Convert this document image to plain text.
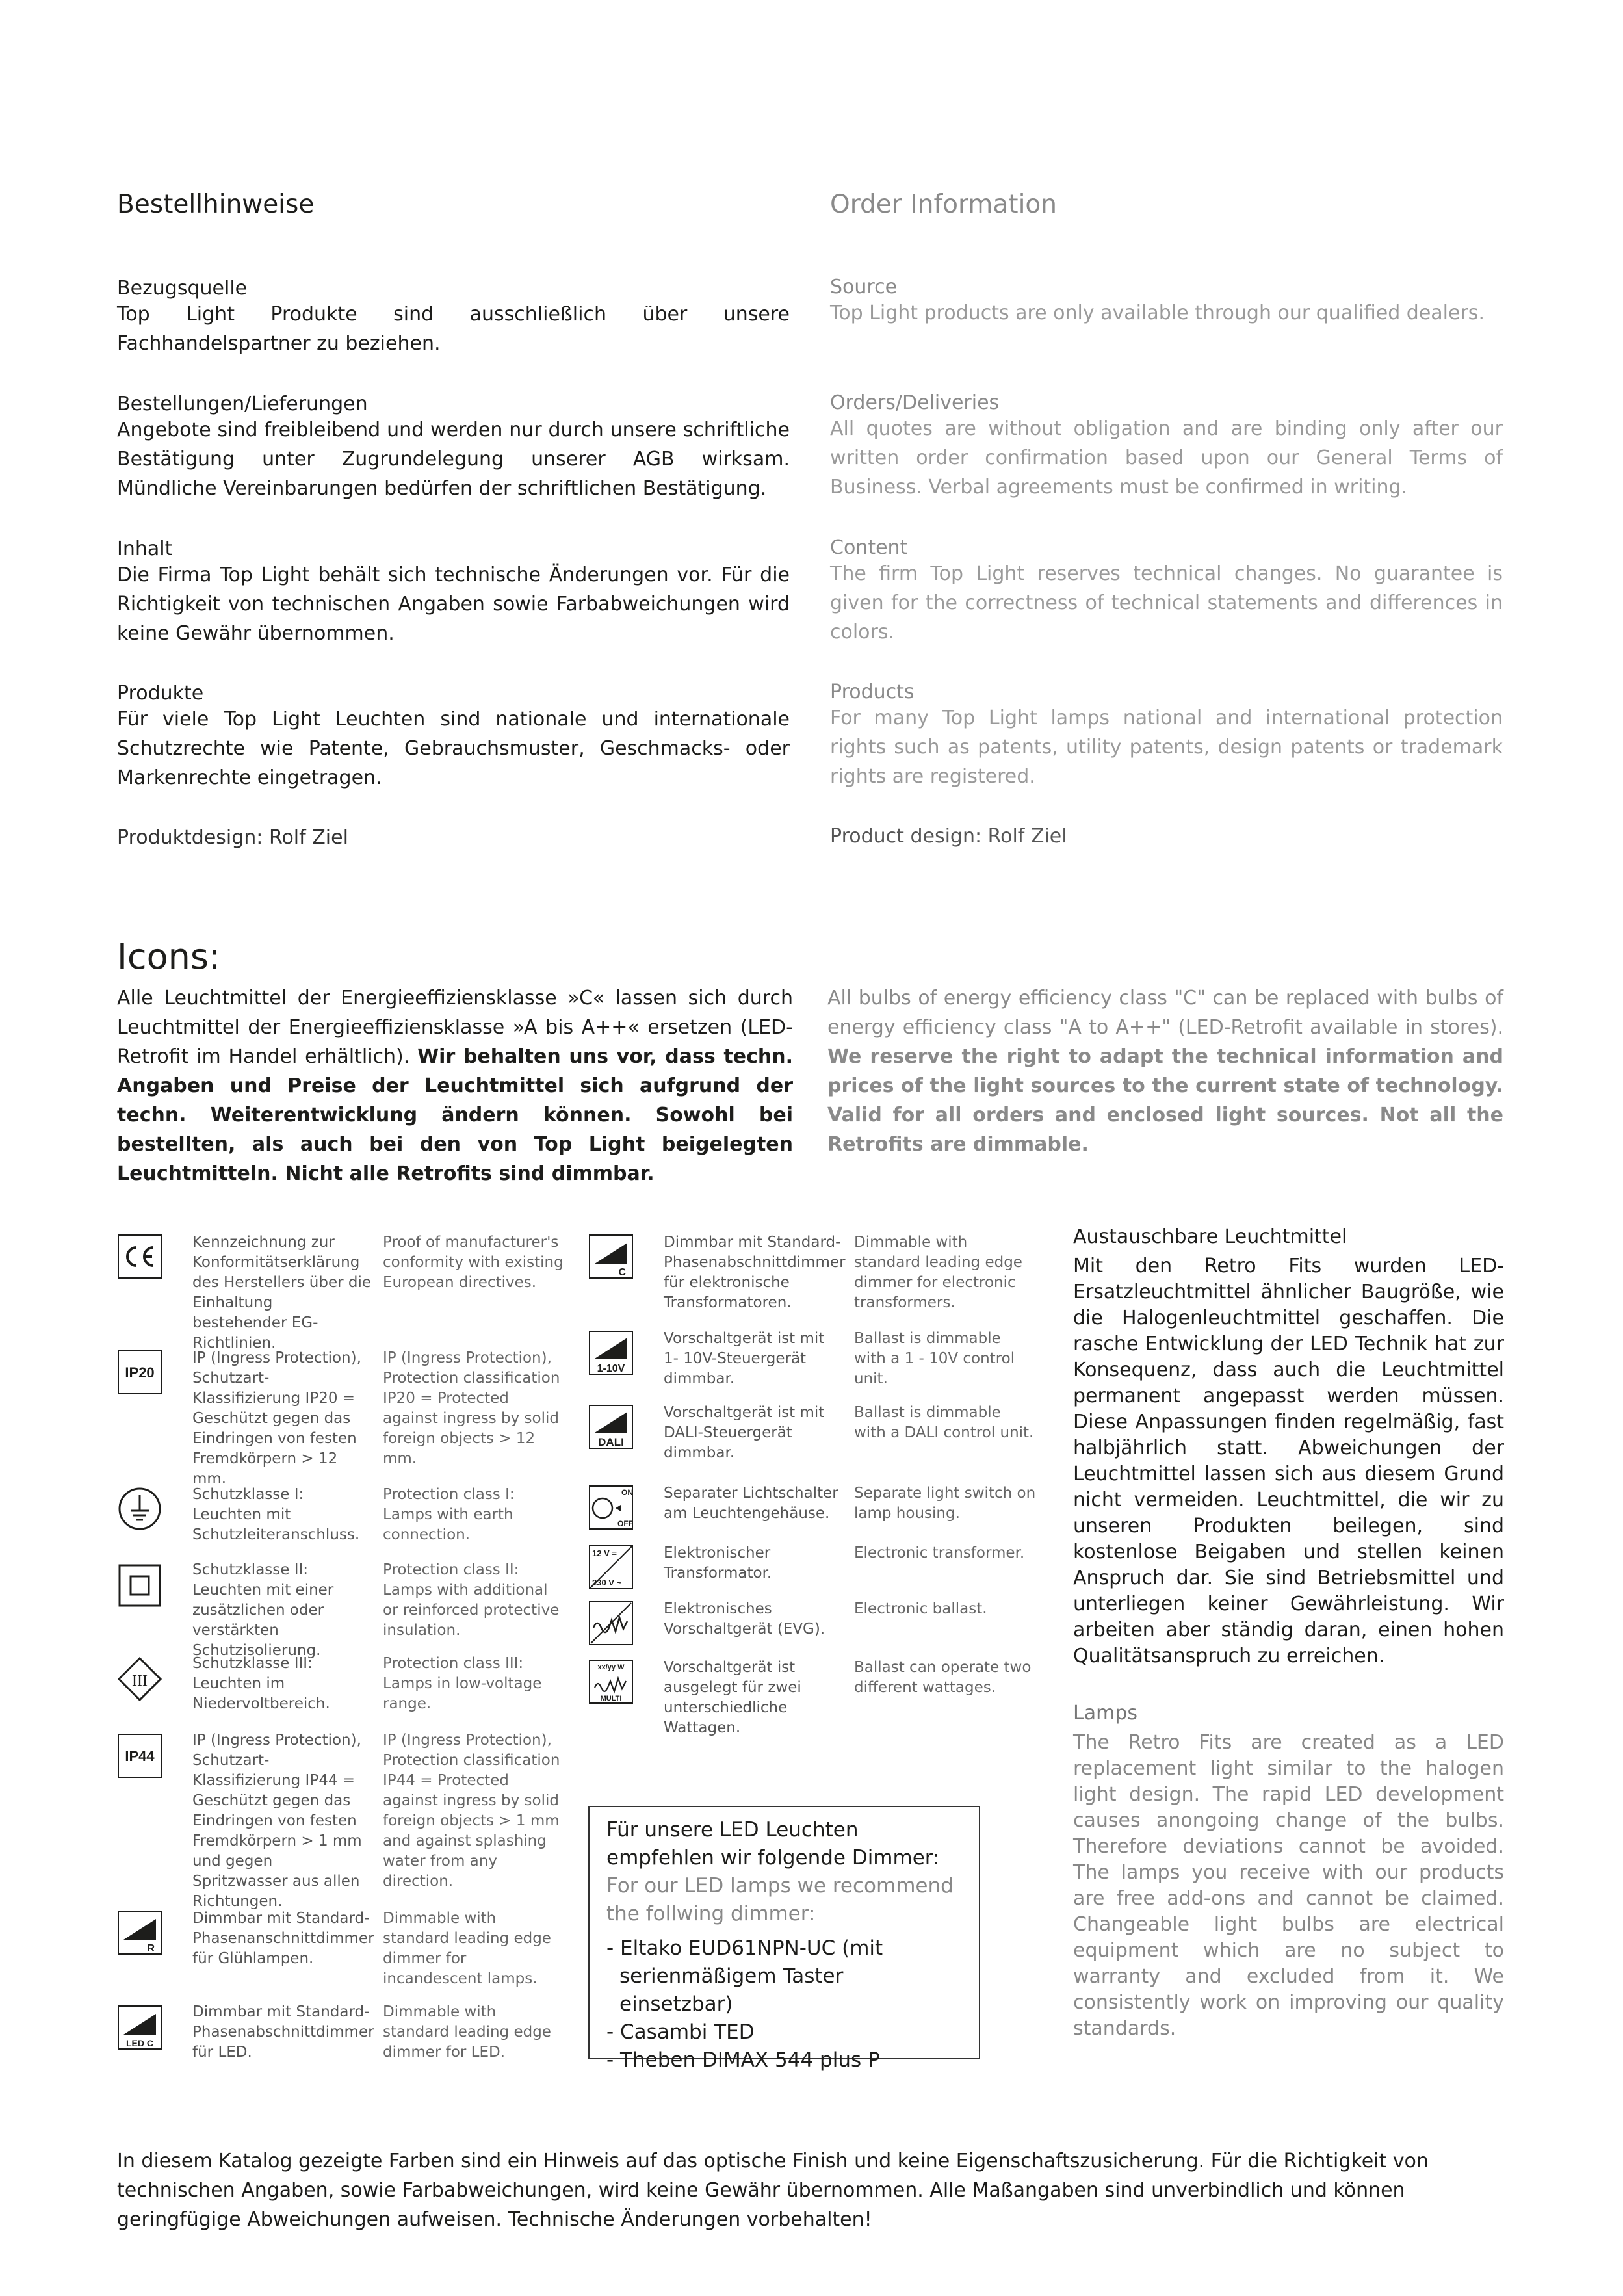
Bestellhinweise	Order Information
Bezugsquelle
Top Light Produkte sind ausschließlich über unsere Fachhandelspartner zu beziehen.
Bestellungen/Lieferungen
Angebote sind freibleibend und werden nur durch unsere schriftliche Bestätigung unter Zugrundelegung unserer AGB wirksam. Mündliche Vereinbarungen bedürfen der schriftlichen Bestätigung.
Inhalt
Die Firma Top Light behält sich technische Änderungen vor. Für die Richtigkeit von technischen Angaben sowie Farbabweichungen wird keine Gewähr übernommen.
Produkte
Für viele Top Light Leuchten sind nationale und internationale Schutzrechte wie Patente, Gebrauchsmuster, Geschmacks- oder Markenrechte eingetragen.
Produktdesign: Rolf Ziel
Source
Top Light products are only available through our qualified dealers.
Orders/Deliveries
All quotes are without obligation and are binding only after our written order confirmation based upon our General Terms of Business. Verbal agreements must be confirmed in writing.
Content
The firm Top Light reserves technical changes. No guarantee is given for the correctness of technical statements and differences in colors.
Products
For many Top Light lamps national and international protection rights such as patents, utility patents, design patents or trademark rights are registered.
Product design: Rolf Ziel
Icons:
Alle Leuchtmittel der Energieeffiziensklasse »C« lassen sich durch Leuchtmittel der Energieeffiziensklasse »A bis A++« ersetzen (LED-Retrofit im Handel erhältlich). Wir behalten uns vor, dass techn. Angaben und Preise der Leuchtmittel sich aufgrund der techn. Weiterentwicklung ändern können. Sowohl bei bestellten, als auch bei den von Top Light beigelegten Leuchtmitteln. Nicht alle Retrofits sind dimmbar.
All bulbs of energy efficiency class "C" can be replaced with bulbs of energy efficiency class "A to A++" (LED-Retrofit available in stores). We reserve the right to adapt the technical information and prices of the light sources to the current state of technology. Valid for all orders and enclosed light sources. Not all the Retrofits are dimmable.
Kennzeichnung zur Konformitätserklärung des Herstellers über die Einhaltung bestehender EG-Richtlinien.
Proof of manufacturer's conformity with existing European directives.
IP20
IP (Ingress Protection), Schutzart-Klassifizierung IP20 = Geschützt gegen das Eindringen von festen Fremdkörpern > 12 mm.
IP (Ingress Protection), Protection classification IP20 = Protected against ingress by solid foreign objects > 12 mm.
Schutzklasse I: Leuchten mit Schutzleiteranschluss.
Protection class I: Lamps with earth connection.
Schutzklasse II: Leuchten mit einer zusätzlichen oder verstärkten Schutzisolierung.
Protection class II: Lamps with additional or reinforced protective insulation.
III
Schutzklasse III: Leuchten im Niedervoltbereich.
Protection class III: Lamps in low-voltage range.
IP44
IP (Ingress Protection), Schutzart-Klassifizierung IP44 = Geschützt gegen das Eindringen von festen Fremdkörpern > 1 mm und gegen Spritzwasser aus allen Richtungen.
IP (Ingress Protection), Protection classification IP44 = Protected against ingress by solid foreign objects > 1 mm and against splashing water from any direction.
R
Dimmbar mit Standard-Phasenanschnittdimmer für Glühlampen.
Dimmable with standard leading edge dimmer for incandescent lamps.
LED C
Dimmbar mit Standard-Phasenabschnittdimmer für LED.
Dimmable with standard leading edge dimmer for LED.
C
Dimmbar mit Standard-Phasenabschnittdimmer für elektronische Transformatoren.
Dimmable with standard leading edge dimmer for electronic transformers.
1-10V
Vorschaltgerät ist mit 1- 10V-Steuergerät dimmbar.
Ballast is dimmable with a 1 - 10V control unit.
DALI
Vorschaltgerät ist mit DALI-Steuergerät dimmbar.
Ballast is dimmable with a DALI control unit.
ON
OFF
Separater Lichtschalter am Leuchtengehäuse.
Separate light switch on lamp housing.
12 V =
230 V ~
Elektronischer Transformator.
Electronic transformer.
Elektronisches Vorschaltgerät (EVG).
Electronic ballast.
xx/yy W
MULTI
Vorschaltgerät ist ausgelegt für zwei unterschiedliche Wattagen.
Ballast can operate two different wattages.
Für unsere LED Leuchten empfehlen wir folgende Dimmer:
For our LED lamps we recommend the follwing dimmer:
- Eltako EUD61NPN-UC (mit serienmäßigem Taster einsetzbar)
- Casambi TED
- Theben DIMAX 544 plus P
Austauschbare Leuchtmittel
Mit den Retro Fits wurden LED-Ersatzleuchtmittel ähnlicher Baugröße, wie die Halogenleuchtmittel geschaffen. Die rasche Entwicklung der LED Technik hat zur Konsequenz, dass auch die Leuchtmittel permanent angepasst werden müssen. Diese Anpassungen finden regelmäßig, fast halbjährlich statt. Abweichungen der Leuchtmittel lassen sich aus diesem Grund nicht vermeiden. Leuchtmittel, die wir zu unseren Produkten beilegen, sind kostenlose Beigaben und stellen keinen Anspruch dar. Sie sind Betriebsmittel und unterliegen keiner Gewährleistung. Wir arbeiten aber ständig daran, einen hohen Qualitätsanspruch zu erreichen.
Lamps
The Retro Fits are created as a LED replacement light similar to the halogen light design. The rapid LED development causes anongoing change of the bulbs. Therefore deviations cannot be avoided. The lamps you receive with our products are free add-ons and cannot be claimed. Changeable light bulbs are electrical equipment which are no subject to warranty and excluded from it. We consistently work on improving our quality standards.
In diesem Katalog gezeigte Farben sind ein Hinweis auf das optische Finish und keine Eigenschaftszusicherung. Für die Richtigkeit von technischen Angaben, sowie Farbabweichungen, wird keine Gewähr übernommen. Alle Maßangaben sind unverbindlich und können geringfügige Abweichungen aufweisen. Technische Änderungen vorbehalten!
